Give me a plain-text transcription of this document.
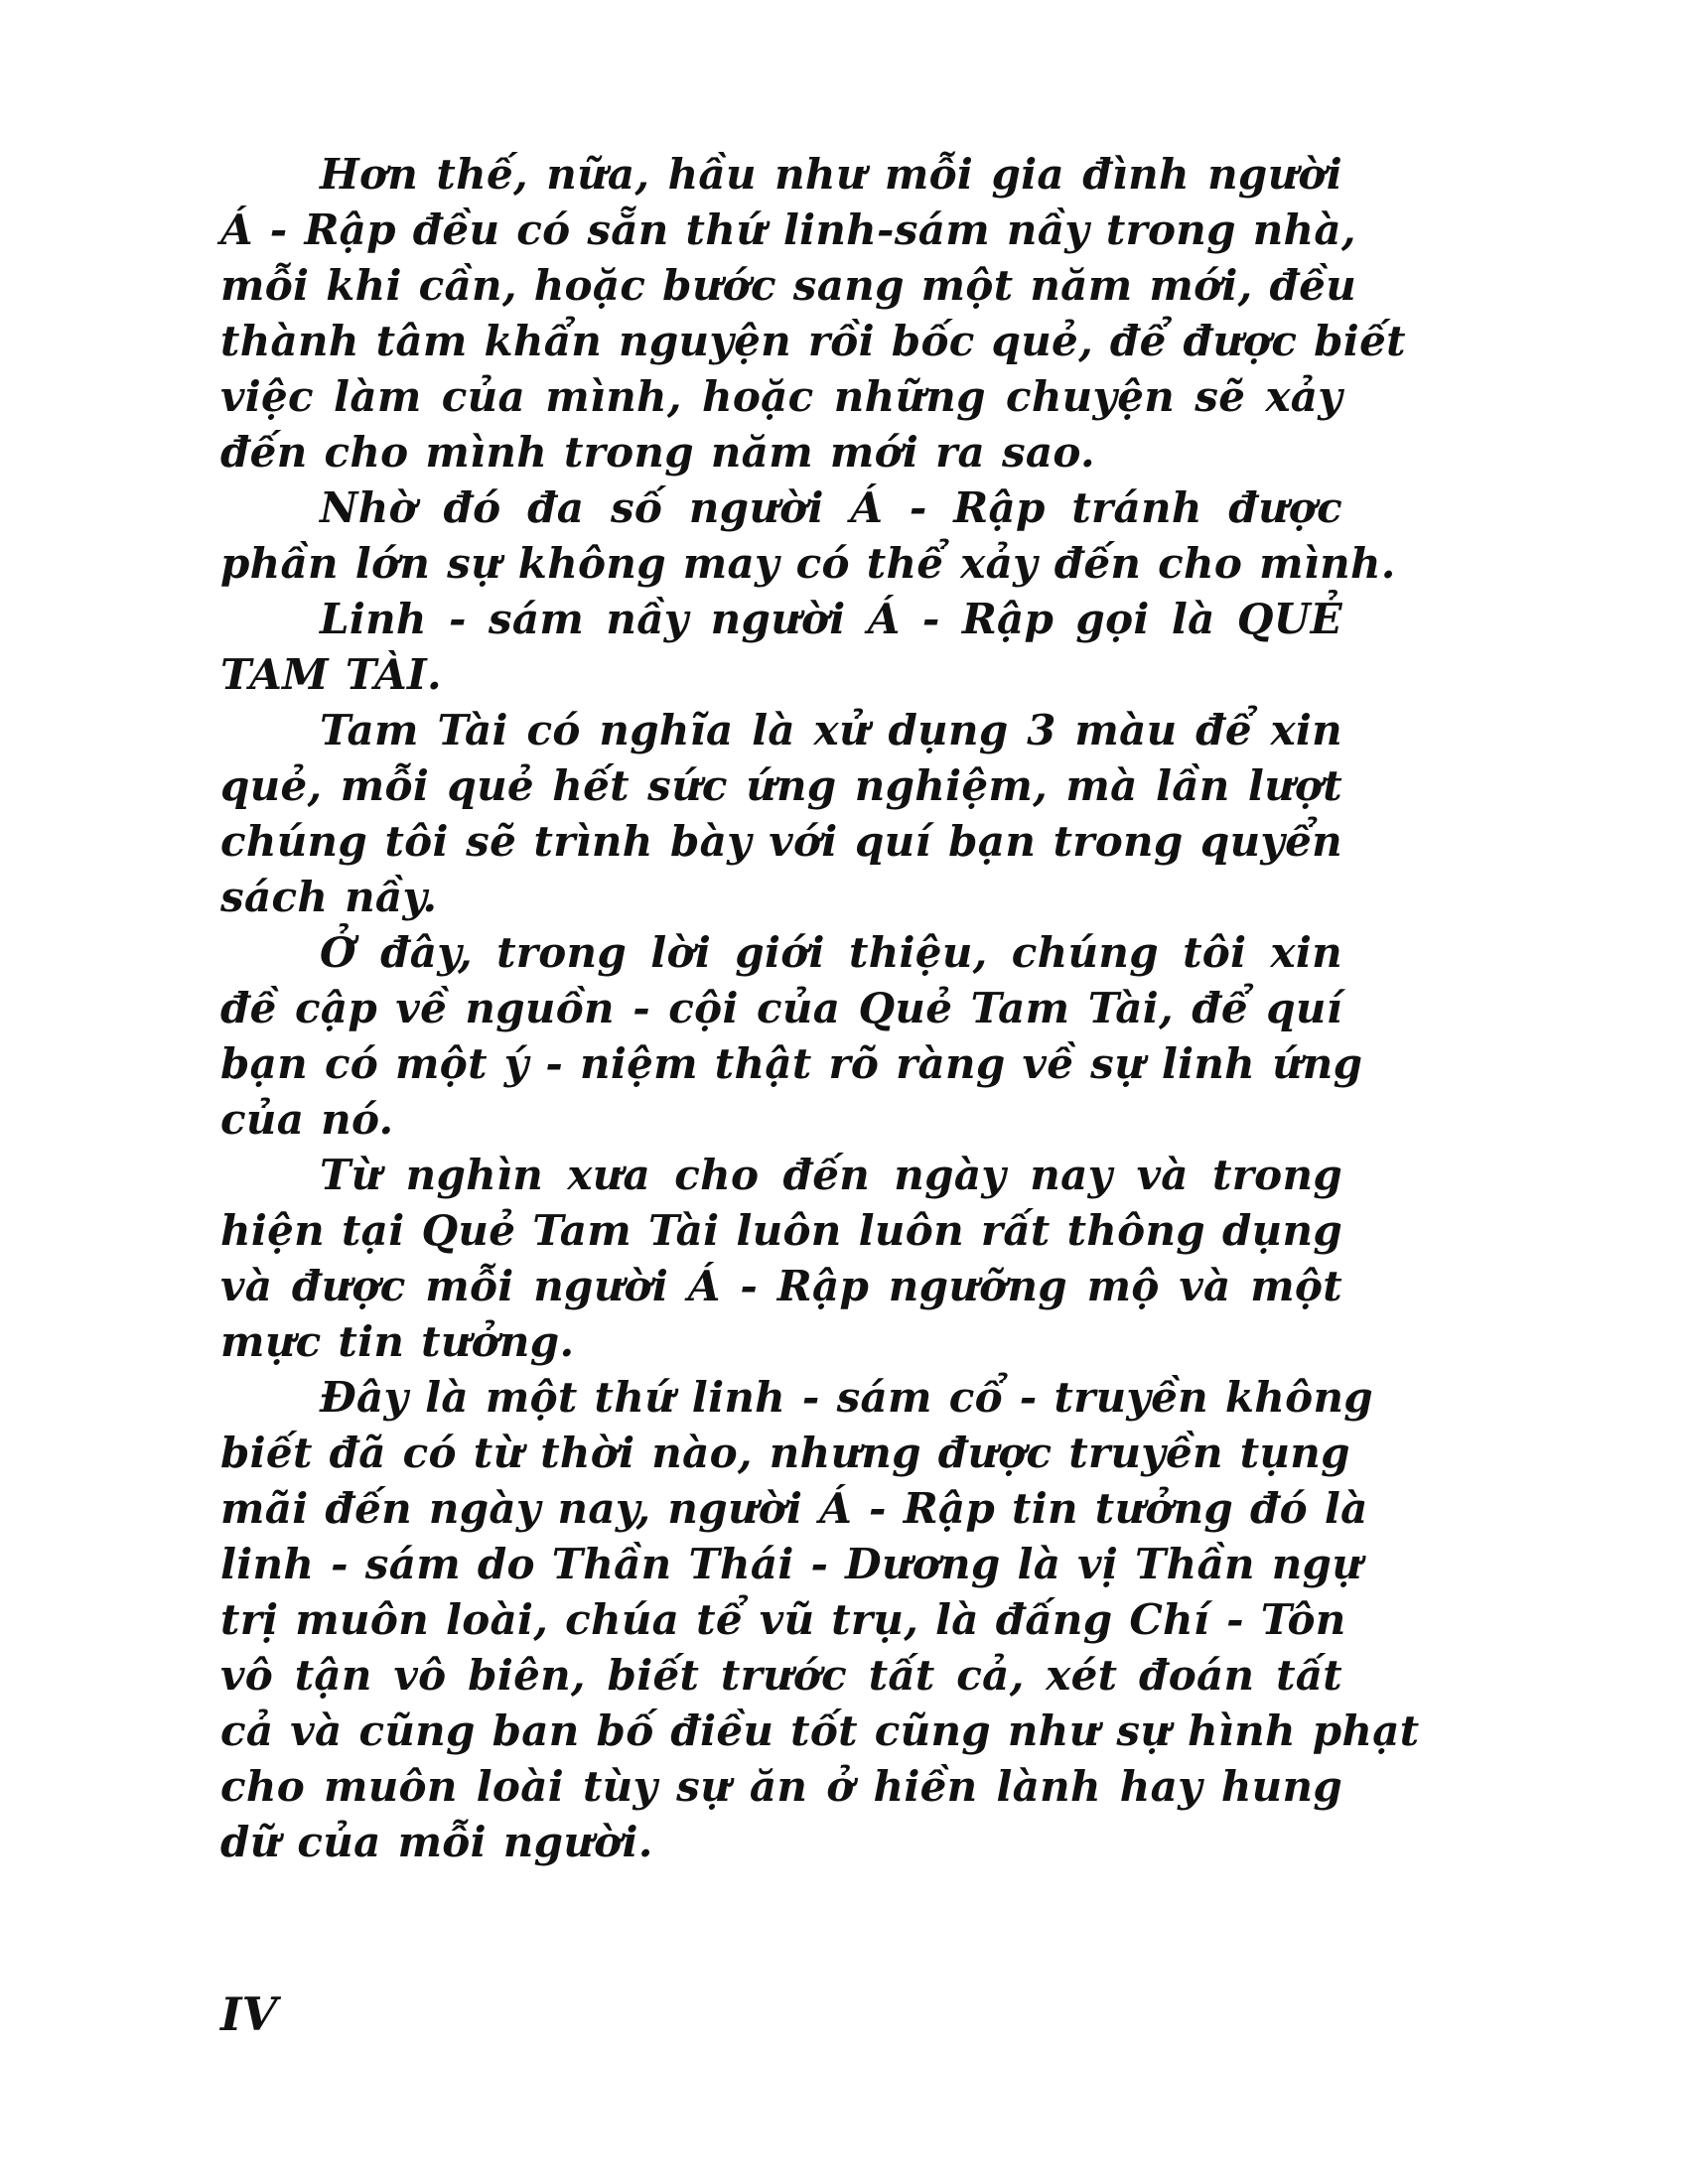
Hơn thế, nữa, hầu như mỗi gia đình người
Á - Rập đều có sẵn thứ linh-sám nầy trong nhà,
mỗi khi cần, hoặc bước sang một năm mới, đều
thành tâm khẩn nguyện rồi bốc quẻ, để được biết
việc làm của mình, hoặc những chuyện sẽ xảy
đến cho mình trong năm mới ra sao.
Nhờ đó đa số người Á - Rập tránh được
phần lớn sự không may có thể xảy đến cho mình.
Linh - sám nầy người Á - Rập gọi là QUẺ
TAM TÀI.
Tam Tài có nghĩa là xử dụng 3 màu để xin
quẻ, mỗi quẻ hết sức ứng nghiệm, mà lần lượt
chúng tôi sẽ trình bày với quí bạn trong quyển
sách nầy.
Ở đây, trong lời giới thiệu, chúng tôi xin
đề cập về nguồn - cội của Quẻ Tam Tài, để quí
bạn có một ý - niệm thật rõ ràng về sự linh ứng
của nó.
Từ nghìn xưa cho đến ngày nay và trong
hiện tại Quẻ Tam Tài luôn luôn rất thông dụng
và được mỗi người Á - Rập ngưỡng mộ và một
mực tin tưởng.
Đây là một thứ linh - sám cổ - truyền không
biết đã có từ thời nào, nhưng được truyền tụng
mãi đến ngày nay, người Á - Rập tin tưởng đó là
linh - sám do Thần Thái - Dương là vị Thần ngự
trị muôn loài, chúa tể vũ trụ, là đấng Chí - Tôn
vô tận vô biên, biết trước tất cả, xét đoán tất
cả và cũng ban bố điều tốt cũng như sự hình phạt
cho muôn loài tùy sự ăn ở hiền lành hay hung
dữ của mỗi người.
IV
